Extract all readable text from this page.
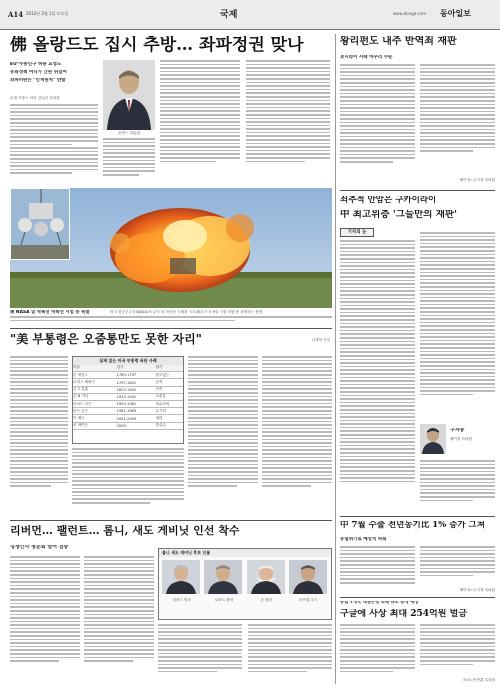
A14 2012년 2월 1일 토요일	국제	www.donga.com 동아일보
佛 올랑드도 집시 추방… 좌파정권 맞나
EU"수용인구 허용 요청도
유화정책 어디가 간판 뒤집어
좌파비판은 "인색원칙" 반발
무대 프랑스 파리 김일선 특파원
올랑드 대통령
왕리펀도 내주 반역죄 재판
보시라이 사태 마무리 수순
베이징=고기정 특파원
美 NASA 달 착륙선 착륙선 시험 중 폭발	미국 항공우주국(NASA)의 무인 달 착륙선 시제품 '모르페우스'가 9일 시험 비행 중 폭발하는 장면.
"美 부통령은 오줌통만도 못한 자리"	김재혁 기자
실제 있는 미국 부통령 육단 사례
이름	임기	평가
존 애덤스	1789-1797	쓸모없는
토머스 제퍼슨	1797-1801	공직
존 C 칼훈	1825-1832	사직
존 N 가너	1933-1941	오줌통
리처드 닉슨	1953-1961	허수아비
린든 존슨	1961-1963	무기력
딕 체니	2001-2009	권력
조 바이든	2009-	말실수
쇠추적 안암은 구카이라이
中 최고위층 '그들만의 재판'
기자의 눈
구자룡
베이징 특파원
리버먼… 팰런트… 롬니, 새도 게비닛 인선 착수
경쟁인사 청문회 열어 검증
롬니 새도 캐비닛 후보 인물
리처드 빙보	로버트 졸릭	존 볼턴	마이클 우드
中 7월 수출 전년동기比 1% 증가 그쳐
유럽위기로 예상치 하회
베이징=고기정 특파원
유럽 7개국 대형은행 피해 규모 공개 예정
구글에 사상 최대 254억원 벌금
파리=이종훈 특파원
